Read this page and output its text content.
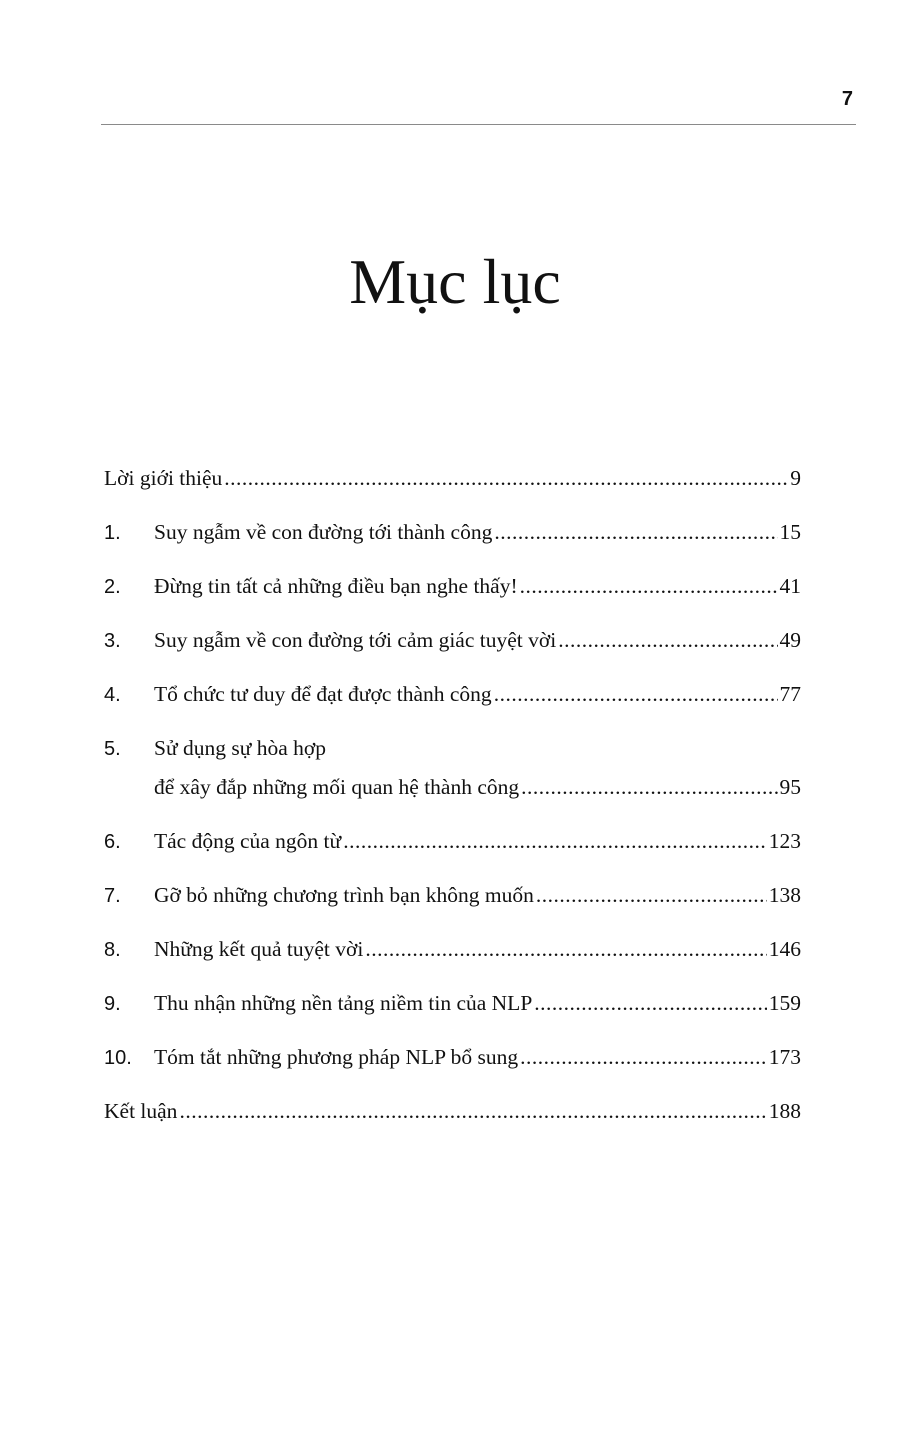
7
Mục lục
Lời giới thiệu .....	9
1.	Suy ngẫm về con đường tới thành công .....	15
2.	Đừng tin tất cả những điều bạn nghe thấy! .....	41
3.	Suy ngẫm về con đường tới cảm giác tuyệt vời .....	49
4.	Tổ chức tư duy để đạt được thành công .....	77
5.	Sử dụng sự hòa hợp
để xây đắp những mối quan hệ thành công .....	95
6.	Tác động của ngôn từ .....	123
7.	Gỡ bỏ những chương trình bạn không muốn .....	138
8.	Những kết quả tuyệt vời .....	146
9.	Thu nhận những nền tảng niềm tin của NLP .....	159
10.	Tóm tắt những phương pháp NLP bổ sung .....	173
Kết luận .....	188
